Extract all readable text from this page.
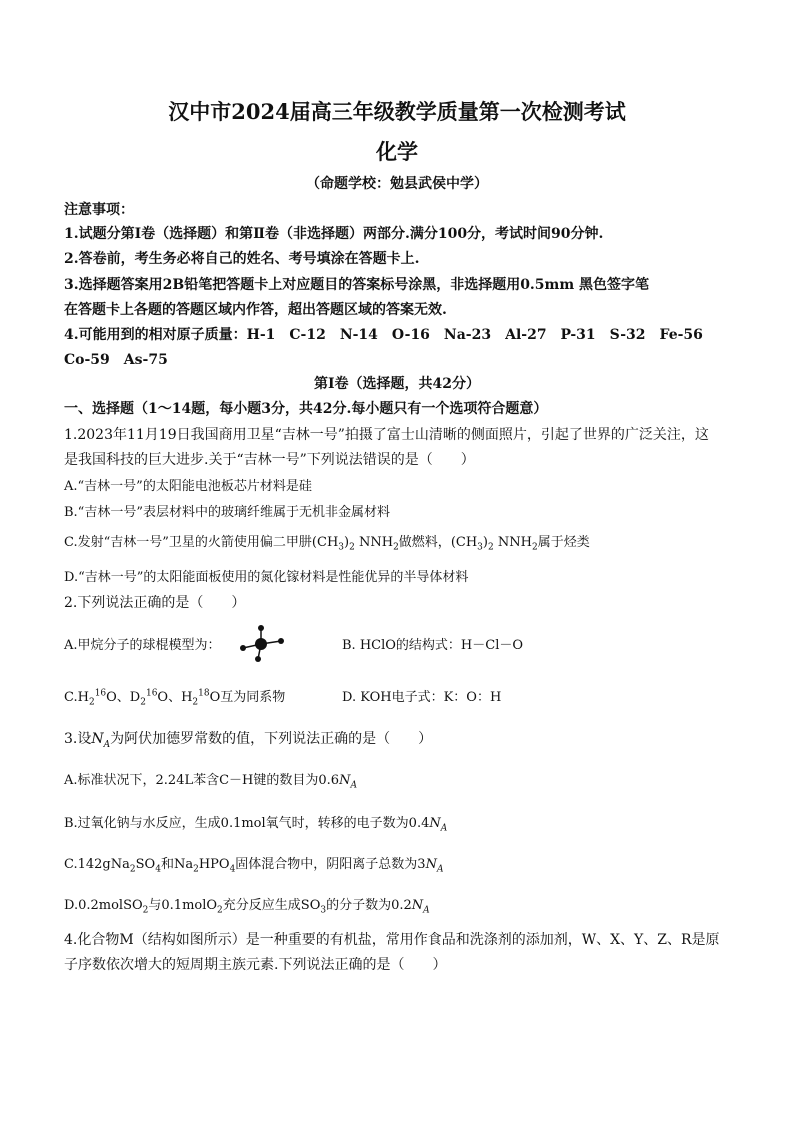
汉中市2024届高三年级教学质量第一次检测考试
化学
（命题学校：勉县武侯中学）
注意事项：
1.试题分第Ⅰ卷（选择题）和第Ⅱ卷（非选择题）两部分.满分100分，考试时间90分钟.
2.答卷前，考生务必将自己的姓名、考号填涂在答题卡上.
3.选择题答案用2B铅笔把答题卡上对应题目的答案标号涂黑，非选择题用0.5mm 黑色签字笔
在答题卡上各题的答题区域内作答，超出答题区域的答案无效.
4.可能用到的相对原子质量：H-1　C-12　N-14　O-16　Na-23　Al-27　P-31　S-32　Fe-56
Co-59　As-75
第Ⅰ卷（选择题，共42分）
一、选择题（1～14题，每小题3分，共42分.每小题只有一个选项符合题意）
1.2023年11月19日我国商用卫星“吉林一号”拍摄了富士山清晰的侧面照片，引起了世界的广泛关注，这
是我国科技的巨大进步.关于“吉林一号”下列说法错误的是（　　）
A.“吉林一号”的太阳能电池板芯片材料是硅
B.“吉林一号”表层材料中的玻璃纤维属于无机非金属材料
C.发射“吉林一号”卫星的火箭使用偏二甲肼$(CH_3)_2$ $NNH_2$做燃料，$(CH_3)_2$ $NNH_2$属于烃类
D.“吉林一号”的太阳能面板使用的氮化镓材料是性能优异的半导体材料
2.下列说法正确的是（　　）
A.甲烷分子的球棍模型为：	B. HClO的结构式：H－Cl－O
$C.H_2^{16}O$、$D_2^{16}O$、$H_2^{18}O$互为同系物	D. KOH电子式：K：O：H
3.设$N_A$为阿伏加德罗常数的值，下列说法正确的是（　　）
A.标准状况下，2.24L苯含C－H键的数目为$0.6N_A$
B.过氧化钠与水反应，生成0.1mol氧气时，转移的电子数为$0.4N_A$
$C.142gNa_2SO_4$和$Na_2HPO_4$固体混合物中，阴阳离子总数为$3N_A$
D.0.2molSO$_2$与0.1molO$_2$充分反应生成$SO_3$的分子数为$0.2N_A$
4.化合物M（结构如图所示）是一种重要的有机盐，常用作食品和洗涤剂的添加剂，W、X、Y、Z、R是原
子序数依次增大的短周期主族元素.下列说法正确的是（　　）
